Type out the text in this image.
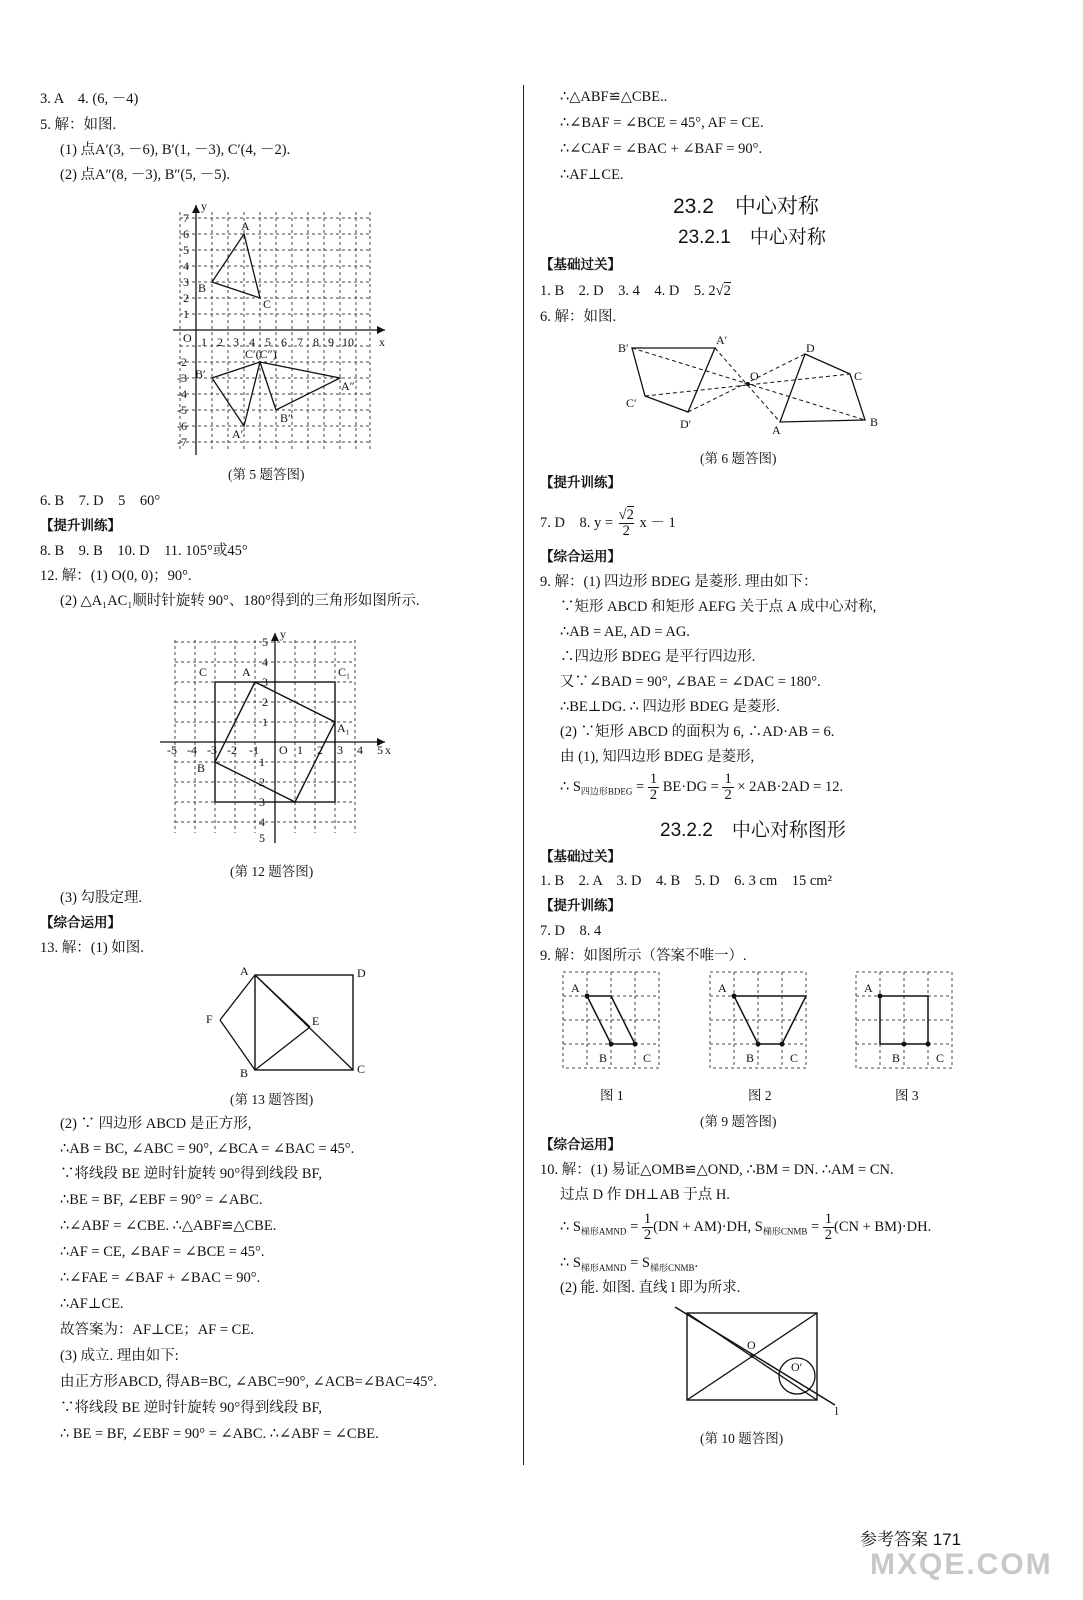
3. A　4. (6, －4)
5. 解：如图.
(1) 点A′(3, －6), B′(1, －3), C′(4, －2).
(2) 点A″(8, －3), B″(5, －5).
y
x
O
7
6
5
4
3
2
1
-2
-3
-4
-5
-6
-7
1 2 3 4 5 6 7 8 9 10
A
B
C
C′(C″)
B′
A′
A″
B″
(第 5 题答图)
6. B　7. D　5　60°
【提升训练】
8. B　9. B　10. D　11. 105°或45°
12. 解：(1) O(0, 0)；90°.
(2) △A₁AC₁顺时针旋转 90°、180°得到的三角形如图所示.
y
x
O
-5 -4 -3 -2 -1	1 2 3 4 5
5
4
3
2
1
1
2
3
4
5
C	A	C₁
A₁
B
(第 12 题答图)
(3) 勾股定理.
【综合运用】
13. 解：(1) 如图.
A	D
F	E
B	C
(第 13 题答图)
(2) ∵ 四边形 ABCD 是正方形,
∴AB = BC, ∠ABC = 90°, ∠BCA = ∠BAC = 45°.
∵将线段 BE 逆时针旋转 90°得到线段 BF,
∴BE = BF, ∠EBF = 90° = ∠ABC.
∴∠ABF = ∠CBE. ∴△ABF≌△CBE.
∴AF = CE, ∠BAF = ∠BCE = 45°.
∴∠FAE = ∠BAF + ∠BAC = 90°.
∴AF⊥CE.
故答案为：AF⊥CE；AF = CE.
(3) 成立. 理由如下:
由正方形ABCD, 得AB=BC, ∠ABC=90°, ∠ACB=∠BAC=45°.
∵将线段 BE 逆时针旋转 90°得到线段 BF,
∴ BE = BF, ∠EBF = 90° = ∠ABC. ∴∠ABF = ∠CBE.
∴△ABF≌△CBE..
∴∠BAF = ∠BCE = 45°, AF = CE.
∴∠CAF = ∠BAC + ∠BAF = 90°.
∴AF⊥CE.
23.2　中心对称
23.2.1　中心对称
【基础过关】
1. B　2. D　3. 4　4. D　5. 2√2
6. 解：如图.
B′
A′
O
D
C′
C
D′	A
B
(第 6 题答图)
【提升训练】
7. D　8. $y = \frac{√2}{2}$ x － 1
【综合运用】
9. 解：(1) 四边形 BDEG 是菱形. 理由如下：
∵矩形 ABCD 和矩形 AEFG 关于点 A 成中心对称,
∴AB = AE, AD = AG.
∴四边形 BDEG 是平行四边形.
又∵∠BAD = 90°, ∠BAE = ∠DAC = 180°.
∴BE⊥DG. ∴ 四边形 BDEG 是菱形.
(2) ∵矩形 ABCD 的面积为 6, ∴AD·AB = 6.
由 (1), 知四边形 BDEG 是菱形,
∴ $S_{四边形BDEG} = \frac{1}{2} BE\cdot DG = \frac{1}{2} \times 2AB\cdot 2AD = 12$.
23.2.2　中心对称图形
【基础过关】
1. B　2. A　3. D　4. B　5. D　6. 3 cm　15 cm²
【提升训练】
7. D　8. 4
9. 解：如图所示（答案不唯一）.
A
B	C
A
B	C
A
B	C
图 1	图 2	图 3
(第 9 题答图)
【综合运用】
10. 解：(1) 易证△OMB≌△OND, ∴BM = DN. ∴AM = CN.
过点 D 作 DH⊥AB 于点 H.
∴ $S_{梯形AMND} = \frac{1}{2} (DN + AM)\cdot DH$, $S_{梯形CNMB} = \frac{1}{2} (CN + BM)\cdot DH$.
∴ $S_{梯形AMND} = S_{梯形CNMB}$.
(2) 能. 如图. 直线 l 即为所求.
O
O′
l
(第 10 题答图)
参考答案 171
MXQE.COM
